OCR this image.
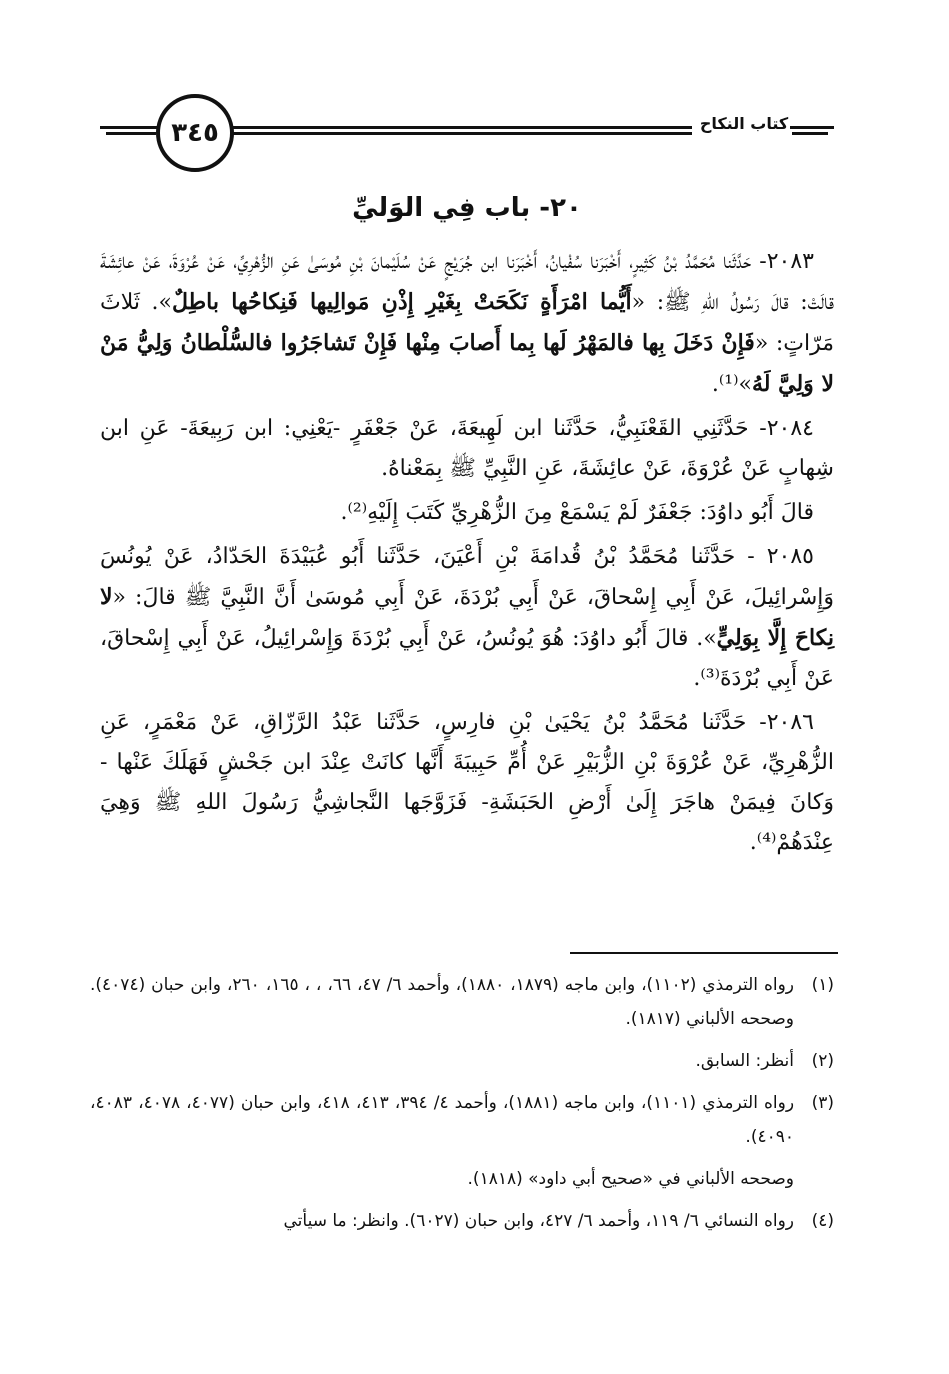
٣٤٥	كتاب النكاح
٢٠- باب فِي الوَليِّ

٢٠٨٣- حَدَّثَنا مُحَمَّدُ بْنُ كَثِيرٍ، أَخْبَرَنا سُفْيانُ، أَخْبَرَنا ابن جُرَيْجٍ عَنْ سُلَيْمانَ بْنِ مُوسَىٰ عَنِ الزُّهْرِيِّ، عَنْ عُرْوَةَ، عَنْ عائِشَةَ قالَتْ: قالَ رَسُولُ اللهِ ﷺ: «أَيُّما امْرَأَةٍ نَكَحَتْ بِغَيْرِ إِذْنِ مَوالِيها فَنِكاحُها باطِلٌ». ثَلاثَ مَرّاتٍ: «فَإِنْ دَخَلَ بِها فالمَهْرُ لَها بِما أَصابَ مِنْها فَإِنْ تَشاجَرُوا فالسُّلْطانُ وَلِيُّ مَنْ لا وَلِيَّ لَهُ»⁽¹⁾.

٢٠٨٤- حَدَّثَنِي القَعْنَبِيُّ، حَدَّثَنا ابن لَهِيعَةَ، عَنْ جَعْفَرٍ -يَعْنِي: ابن رَبِيعَةَ- عَنِ ابن شِهابٍ عَنْ عُرْوَةَ، عَنْ عائِشَةَ، عَنِ النَّبِيِّ ﷺ بِمَعْناهُ.

قالَ أَبُو داوُدَ: جَعْفَرٌ لَمْ يَسْمَعْ مِنَ الزُّهْرِيِّ كَتَبَ إِلَيْهِ⁽²⁾.

٢٠٨٥ - حَدَّثَنا مُحَمَّدُ بْنُ قُدامَةَ بْنِ أَعْيَنَ، حَدَّثَنا أَبُو عُبَيْدَةَ الحَدّادُ، عَنْ يُونُسَ وَإِسْرائِيلَ، عَنْ أَبِي إِسْحاقَ، عَنْ أَبِي بُرْدَةَ، عَنْ أَبِي مُوسَىٰ أَنَّ النَّبِيَّ ﷺ قالَ: «لا نِكاحَ إِلَّا بِوَلِيٍّ». قالَ أَبُو داوُدَ: هُوَ يُونُسُ، عَنْ أَبِي بُرْدَةَ وَإِسْرائِيلُ، عَنْ أَبِي إِسْحاقَ، عَنْ أَبِي بُرْدَةَ⁽³⁾.

٢٠٨٦- حَدَّثَنا مُحَمَّدُ بْنُ يَحْيَىٰ بْنِ فارِسٍ، حَدَّثَنا عَبْدُ الرَّزّاقِ، عَنْ مَعْمَرٍ، عَنِ الزُّهْرِيِّ، عَنْ عُرْوَةَ بْنِ الزُّبَيْرِ عَنْ أُمِّ حَبِيبَةَ أَنَّها كانَتْ عِنْدَ ابن جَحْشٍ فَهَلَكَ عَنْها - وَكانَ فِيمَنْ هاجَرَ إِلَىٰ أَرْضِ الحَبَشَةِ- فَزَوَّجَها النَّجاشِيُّ رَسُولَ اللهِ ﷺ وَهِيَ عِنْدَهُمْ⁽⁴⁾.

(١)

رواه الترمذي (١١٠٢)، وابن ماجه (١٨٧٩، ١٨٨٠)، وأحمد ٦/ ٤٧، ٦٦، ، ، ١٦٥، ٢٦٠، وابن حبان (٤٠٧٤). وصححه الألباني (١٨١٧).

(٢)

أنظر: السابق.

(٣)

رواه الترمذي (١١٠١)، وابن ماجه (١٨٨١)، وأحمد ٤/ ٣٩٤، ٤١٣، ٤١٨، وابن حبان (٤٠٧٧، ٤٠٧٨، ٤٠٨٣، ٤٠٩٠).

وصححه الألباني في «صحيح أبي داود» (١٨١٨).
(٤)

رواه النسائي ٦/ ١١٩، وأحمد ٦/ ٤٢٧، وابن حبان (٦٠٢٧). وانظر: ما سيأتي
